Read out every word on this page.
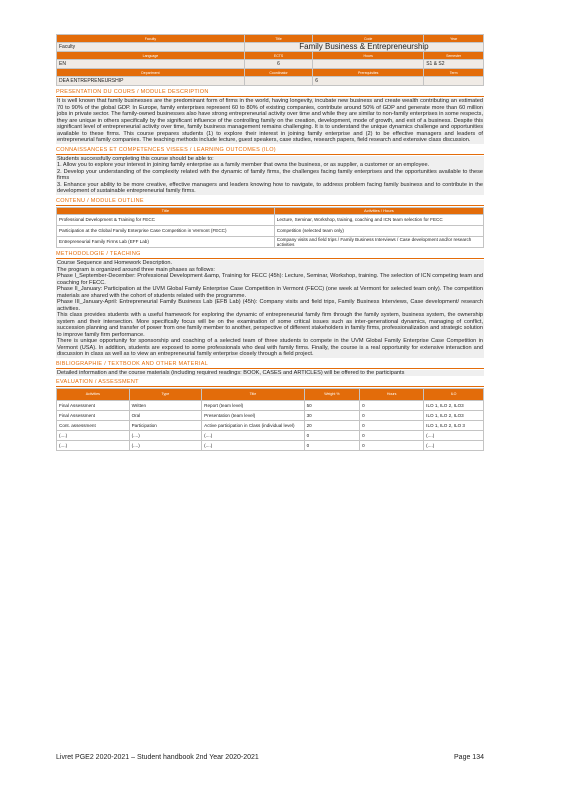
Faculty	Title	Code	Year
Faculty	Family Business & Entrepreneurship		
Language	ECTS	Hours	Semester
EN	6		S1 & S2
Department	Coordinator	Prerequisites	Term
DEA ENTREPRENEURSHIP		6	
PRESENTATION DU COURS / MODULE DESCRIPTION

It is well known that family businesses are the predominant form of firms in the world, having longevity, incubate new business and create wealth contributing an estimated 70 to 90% of the global GDP. In Europe, family enterprises represent 60 to 80% of existing companies, contribute around 50% of GDP and generate more than 60 million jobs in private sector. The family-owned businesses also have strong entrepreneurial activity over time and while they are similar to non-family enterprises in some respects, they are unique in others specifically by the significant influence of the controlling family on the creation, development, mode of growth, and exit of a business. Despite this significant level of entrepreneurial activity over time, family business management remains challenging. It is to understand the unique dynamics challenge and opportunities available to these firms. This course prepares students (1) to explore their interest in joining family enterprise and (2) to be effective managers and leaders of entrepreneurial family companies. The teaching methods include lecture, guest speakers, case studies, research papers, field research and extensive class discussion.

CONNAISSANCES ET COMPETENCES VISEES / LEARNING OUTCOMES (ILO)

Students successfully completing this course should be able to:

1. Allow you to explore your interest in joining family enterprise as a family member that owns the business, or as supplier, a customer or an employee.

2. Develop your understanding of the complexity related with the dynamic of family firms, the challenges facing family enterprises and the opportunities available to these firms

3. Enhance your ability to be more creative, effective managers and leaders knowing how to navigate, to address problem facing family business and to contribute in the development of sustainable entrepreneurial family firms.

CONTENU / MODULE OUTLINE
Title	Activities / Hours
Professional Development & Training for FECC	Lecture, Seminar, Workshop, training, coaching and ICN team selection for FECC
Participation at the Global Family Enterprise Case Competition in Vermont (FECC)	Competition (selected team only)
Entrepreneurial Family Firms Lab (EFF Lab)	Company visits and field trips / Family Business Interviews / Case development and/or research activities
METHODOLOGIE / TEACHING

Course Sequence and Homework Description.

The program is organized around three main phases as follows:

Phase I_September-December: Professional Development &amp, Training for FECC (45h): Lecture, Seminar, Workshop, training. The selection of ICN competing team and coaching for FECC.

Phase II_January: Participation at the UVM Global Family Enterprise Case Competition in Vermont (FECC) (one week at Vermont for selected team only). The competition materials are shared with the cohort of students related with the programme.

Phase III_January-April: Entrepreneurial Family Business Lab (EFB Lab) (45h): Company visits and field trips, Family Business Interviews, Case development/ research activities.

This class provides students with a useful framework for exploring the dynamic of entrepreneurial family firm through the family system, business system, the ownership system and their intersection. More specifically focus will be on the examination of some critical issues such as inter-generational dynamics, managing of conflict, succession planning and transfer of power from one family member to another, perspective of different stakeholders in family firms, professionalization and strategic solution to improve family firm performance.

There is unique opportunity for sponsorship and coaching of a selected team of three students to compete in the UVM Global Family Enterprise Case Competition in Vermont (USA). In addition, students are exposed to some professionals who deal with family firms. Finally, the course is a real opportunity for extensive interaction and discussion in class as well as to view an entrepreneurial family enterprise closely through a field project.

BIBLIOGRAPHIE / TEXTBOOK AND OTHER MATERIAL

Detailed information and the course materials (including required readings: BOOK, CASES and ARTICLES) will be offered to the participants

EVALUATION / ASSESSMENT
Activities	Type	Title	Weight %	Hours	ILO
Final Assessment	Written	Report (team level)	50	0	ILO 1, ILO 2, ILO3
Final Assessment	Oral	Presentation (team level)	30	0	ILO 1, ILO 2, ILO3
Cont. assessment	Participation	Active participation in Class (individual level)	20	0	ILO 1, ILO 2, ILO 3
(....)	(....)	(....)	0	0	(....)
(....)	(....)	(....)	0	0	(....)
Livret PGE2 2020-2021 – Student handbook 2nd Year 2020-2021	Page 134
